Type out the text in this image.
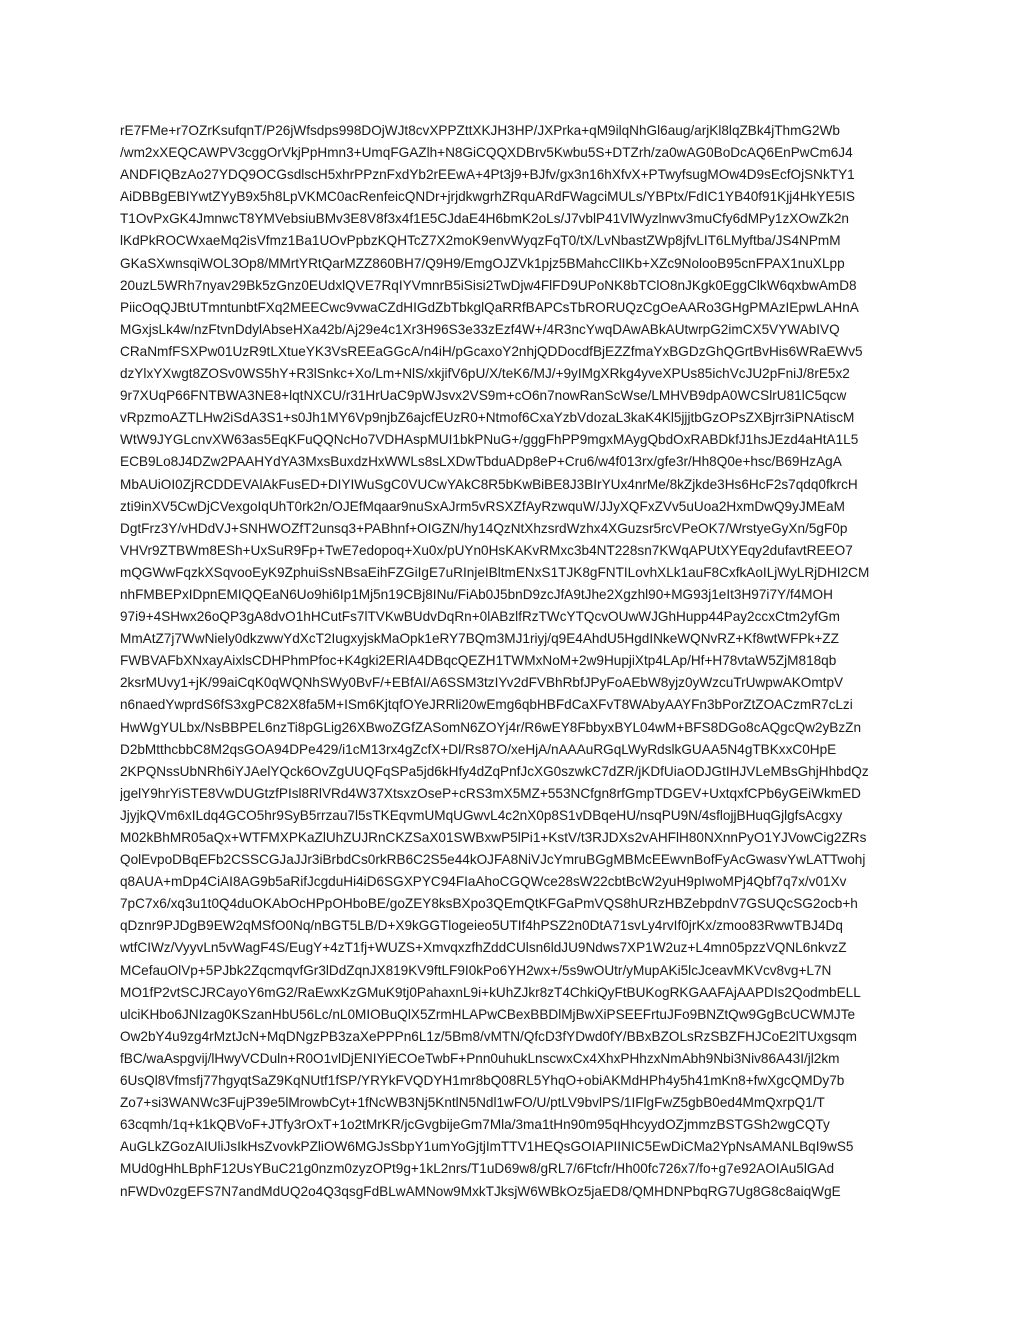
rE7FMe+r7OZrKsufqnT/P26jWfsdps998DOjWJt8cvXPPZttXKJH3HP/JXPrka+qM9ilqNhGl6aug/arjKl8lqZBk4jThmG2Wb
/wm2xXEQCAWPV3cggOrVkjPpHmn3+UmqFGAZlh+N8GiCQQXDBrv5Kwbu5S+DTZrh/za0wAG0BoDcAQ6EnPwCm6J4
ANDFIQBzAo27YDQ9OCGsdlscH5xhrPPznFxdYb2rEEwA+4Pt3j9+BJfv/gx3n16hXfvX+PTwyfsugMOw4D9sEcfOjSNkTY1
AiDBBgEBIYwtZYyB9x5h8LpVKMC0acRenfeicQNDr+jrjdkwgrhZRquARdFWagciMULs/YBPtx/FdIC1YB40f91Kjj4HkYE5IS
T1OvPxGK4JmnwcT8YMVebsiuBMv3E8V8f3x4f1E5CJdaE4H6bmK2oLs/J7vblP41VlWyzlnwv3muCfy6dMPy1zXOwZk2n
lKdPkROCWxaeMq2isVfmz1Ba1UOvPpbzKQHTcZ7X2moK9envWyqzFqT0/tX/LvNbastZWp8jfvLIT6LMyftba/JS4NPmM
GKaSXwnsqiWOL3Op8/MMrtYRtQarMZZ860BH7/Q9H9/EmgOJZVk1pjz5BMahcClIKb+XZc9NolooB95cnFPAX1nuXLpp
20uzL5WRh7nyav29Bk5zGnz0EUdxlQVE7RqIYVmnrB5iSisi2TwDjw4FlFD9UPoNK8bTClO8nJKgk0EggClkW6qxbwAmD8
PiicOqQJBtUTmntunbtFXq2MEECwc9vwaCZdHIGdZbTbkglQaRRfBAPCsTbRORUQzCgOeAARo3GHgPMAzIEpwLAHnA
MGxjsLk4w/nzFtvnDdylAbseHXa42b/Aj29e4c1Xr3H96S3e33zEzf4W+/4R3ncYwqDAwABkAUtwrpG2imCX5VYWAbIVQ
CRaNmfFSXPw01UzR9tLXtueYK3VsREEaGGcA/n4iH/pGcaxoY2nhjQDDocdfBjEZZfmaYxBGDzGhQGrtBvHis6WRaEWv5
dzYlxYXwgt8ZOSv0WS5hY+R3lSnkc+Xo/Lm+NlS/xkjifV6pU/X/teK6/MJ/+9yIMgXRkg4yveXPUs85ichVcJU2pFniJ/8rE5x2
9r7XUqP66FNTBWA3NE8+lqtNXCU/r31HrUaC9pWJsvx2VS9m+cO6n7nowRanScWse/LMHVB9dpA0WCSlrU81lC5qcw
vRpzmoAZTLHw2iSdA3S1+s0Jh1MY6Vp9njbZ6ajcfEUzR0+Ntmof6CxaYzbVdozaL3kaK4Kl5jjjtbGzOPsZXBjrr3iPNAtiscM
WtW9JYGLcnvXW63as5EqKFuQQNcHo7VDHAspMUI1bkPNuG+/gggFhPP9mgxMAygQbdOxRABDkfJ1hsJEzd4aHtA1L5
ECB9Lo8J4DZw2PAAHYdYA3MxsBuxdzHxWWLs8sLXDwTbduADp8eP+Cru6/w4f013rx/gfe3r/Hh8Q0e+hsc/B69HzAgA
MbAUiOI0ZjRCDDEVAlAkFusED+DIYIWuSgC0VUCwYAkC8R5bKwBiBE8J3BIrYUx4nrMe/8kZjkde3Hs6HcF2s7qdq0fkrcH
zti9inXV5CwDjCVexgoIqUhT0rk2n/OJEfMqaar9nuSxAJrm5vRSXZfAyRzwquW/JJyXQFxZVv5uUoa2HxmDwQ9yJMEaM
DgtFrz3Y/vHDdVJ+SNHWOZfT2unsq3+PABhnf+OIGZN/hy14QzNtXhzsrdWzhx4XGuzsr5rcVPeOK7/WrstyeGyXn/5gF0p
VHVr9ZTBWm8ESh+UxSuR9Fp+TwE7edopoq+Xu0x/pUYn0HsKAKvRMxc3b4NT228sn7KWqAPUtXYEqy2dufavtREEO7
mQGWwFqzkXSqvooEyK9ZphuiSsNBsaEihFZGiIgE7uRInjeIBltmENxS1TJK8gFNTILovhXLk1auF8CxfkAoILjWyLRjDHI2CM
nhFMBEPxIDpnEMIQQEaN6Uo9hi6Ip1Mj5n19CBj8INu/FiAb0J5bnD9zcJfA9tJhe2Xgzhl90+MG93j1eIt3H97i7Y/f4MOH
97i9+4SHwx26oQP3gA8dvO1hHCutFs7lTVKwBUdvDqRn+0lABzlfRzTWcYTQcvOUwWJGhHupp44Pay2ccxCtm2yfGm
MmAtZ7j7WwNiely0dkzwwYdXcT2IugxyjskMaOpk1eRY7BQm3MJ1riyj/q9E4AhdU5HgdINkeWQNvRZ+Kf8wtWFPk+ZZ
FWBVAFbXNxayAixlsCDHPhmPfoc+K4gki2ERlA4DBqcQEZH1TWMxNoM+2w9HupjiXtp4LAp/Hf+H78vtaW5ZjM818qb
2ksrMUvy1+jK/99aiCqK0qWQNhSWy0BvF/+EBfAI/A6SSM3tzIYv2dFVBhRbfJPyFoAEbW8yjz0yWzcuTrUwpwAKOmtpV
n6naedYwprdS6fS3xgPC82X8fa5M+ISm6KjtqfOYeJRRli20wEmg6qbHBFdCaXFvT8WAbyAAYFn3bPorZtZOACzmR7cLzi
HwWgYULbx/NsBBPEL6nzTi8pGLig26XBwoZGfZASomN6ZOYj4r/R6wEY8FbbyxBYL04wM+BFS8DGo8cAQgcQw2yBzZn
D2bMtthcbbC8M2qsGOA94DPe429/i1cM13rx4gZcfX+Dl/Rs87O/xeHjA/nAAAuRGqLWyRdslkGUAA5N4gTBKxxC0HpE
2KPQNssUbNRh6iYJAelYQck6OvZgUUQFqSPa5jd6kHfy4dZqPnfJcXG0szwkC7dZR/jKDfUiaODJGtIHJVLeMBsGhjHhbdQz
jgelY9hrYiSTE8VwDUGtzfPIsl8RlVRd4W37XtsxzOseP+cRS3mX5MZ+553NCfgn8rfGmpTDGEV+UxtqxfCPb6yGEiWkmED
JjyjkQVm6xILdq4GCO5hr9SyB5rrzau7l5sTKEqvmUMqUGwvL4c2nX0p8S1vDBqeHU/nsqPU9N/4sflojjBHuqGjlgfsAcgxy
M02kBhMR05aQx+WTFMXPKaZlUhZUJRnCKZSaX01SWBxwP5lPi1+KstV/t3RJDXs2vAHFlH80NXnnPyO1YJVowCig2ZRs
QolEvpoDBqEFb2CSSCGJaJJr3iBrbdCs0rkRB6C2S5e44kOJFA8NiVJcYmruBGgMBMcEEwvnBofFyAcGwasvYwLATTwohj
q8AUA+mDp4CiAI8AG9b5aRifJcgduHi4iD6SGXPYC94FIaAhoCGQWce28sW22cbtBcW2yuH9pIwoMPj4Qbf7q7x/v01Xv
7pC7x6/xq3u1t0Q4duOKAbOcHPpOHboBE/goZEY8ksBXpo3QEmQtKFGaPmVQS8hURzHBZebpdnV7GSUQcSG2ocb+h
qDznr9PJDgB9EW2qMSfO0Nq/nBGT5LB/D+X9kGGTlogeieo5UTIf4hPSZ2n0DtA71svLy4rvIf0jrKx/zmoo83RwwTBJ4Dq
wtfCIWz/VyyvLn5vWagF4S/EugY+4zT1fj+WUZS+XmvqxzfhZddCUlsn6ldJU9Ndws7XP1W2uz+L4mn05pzzVQNL6nkvzZ
MCefauOlVp+5PJbk2ZqcmqvfGr3lDdZqnJX819KV9ftLF9I0kPo6YH2wx+/5s9wOUtr/yMupAKi5lcJceavMKVcv8vg+L7N
MO1fP2vtSCJRCayoY6mG2/RaEwxKzGMuK9tj0PahaxnL9i+kUhZJkr8zT4ChkiQyFtBUKogRKGAAFAjAAPDIs2QodmbELL
ulciKHbo6JNIzag0KSzanHbU56Lc/nL0MIOBuQlX5ZrmHLAPwCBexBBDlMjBwXiPSEEFrtuJFo9BNZtQw9GgBcUCWMJTe
Ow2bY4u9zg4rMztJcN+MqDNgzPB3zaXePPPn6L1z/5Bm8/vMTN/QfcD3fYDwd0fY/BBxBZOLsRzSBZFHJCoE2lTUxgsqm
fBC/waAspgvij/lHwyVCDuln+R0O1vlDjENIYiECOeTwbF+Pnn0uhukLnscwxCx4XhxPHhzxNmAbh9Nbi3Niv86A43I/jl2km
6UsQl8Vfmsfj77hgyqtSaZ9KqNUtf1fSP/YRYkFVQDYH1mr8bQ08RL5YhqO+obiAKMdHPh4y5h41mKn8+fwXgcQMDy7b
Zo7+si3WANWc3FujP39e5lMrowbCyt+1fNcWB3Nj5KntlN5Ndl1wFO/U/ptLV9bvlPS/1IFlgFwZ5gbB0ed4MmQxrpQ1/T
63cqmh/1q+k1kQBVoF+JTfy3rOxT+1o2tMrKR/jcGvgbijeGm7Mla/3ma1tHn90m95qHhcyydOZjmmzBSTGSh2wgCQTy
AuGLkZGozAIUliJsIkHsZvovkPZliOW6MGJsSbpY1umYoGjtjImTTV1HEQsGOIAPIINIC5EwDiCMa2YpNsAMANLBqI9wS5
MUd0gHhLBphF12UsYBuC21g0nzm0zyzOPt9g+1kL2nrs/T1uD69w8/gRL7/6Ftcfr/Hh00fc726x7/fo+g7e92AOIAu5lGAd
nFWDv0zgEFS7N7andMdUQ2o4Q3qsgFdBLwAMNow9MxkTJksjW6WBkOz5jaED8/QMHDNPbqRG7Ug8G8c8aiqWgE
